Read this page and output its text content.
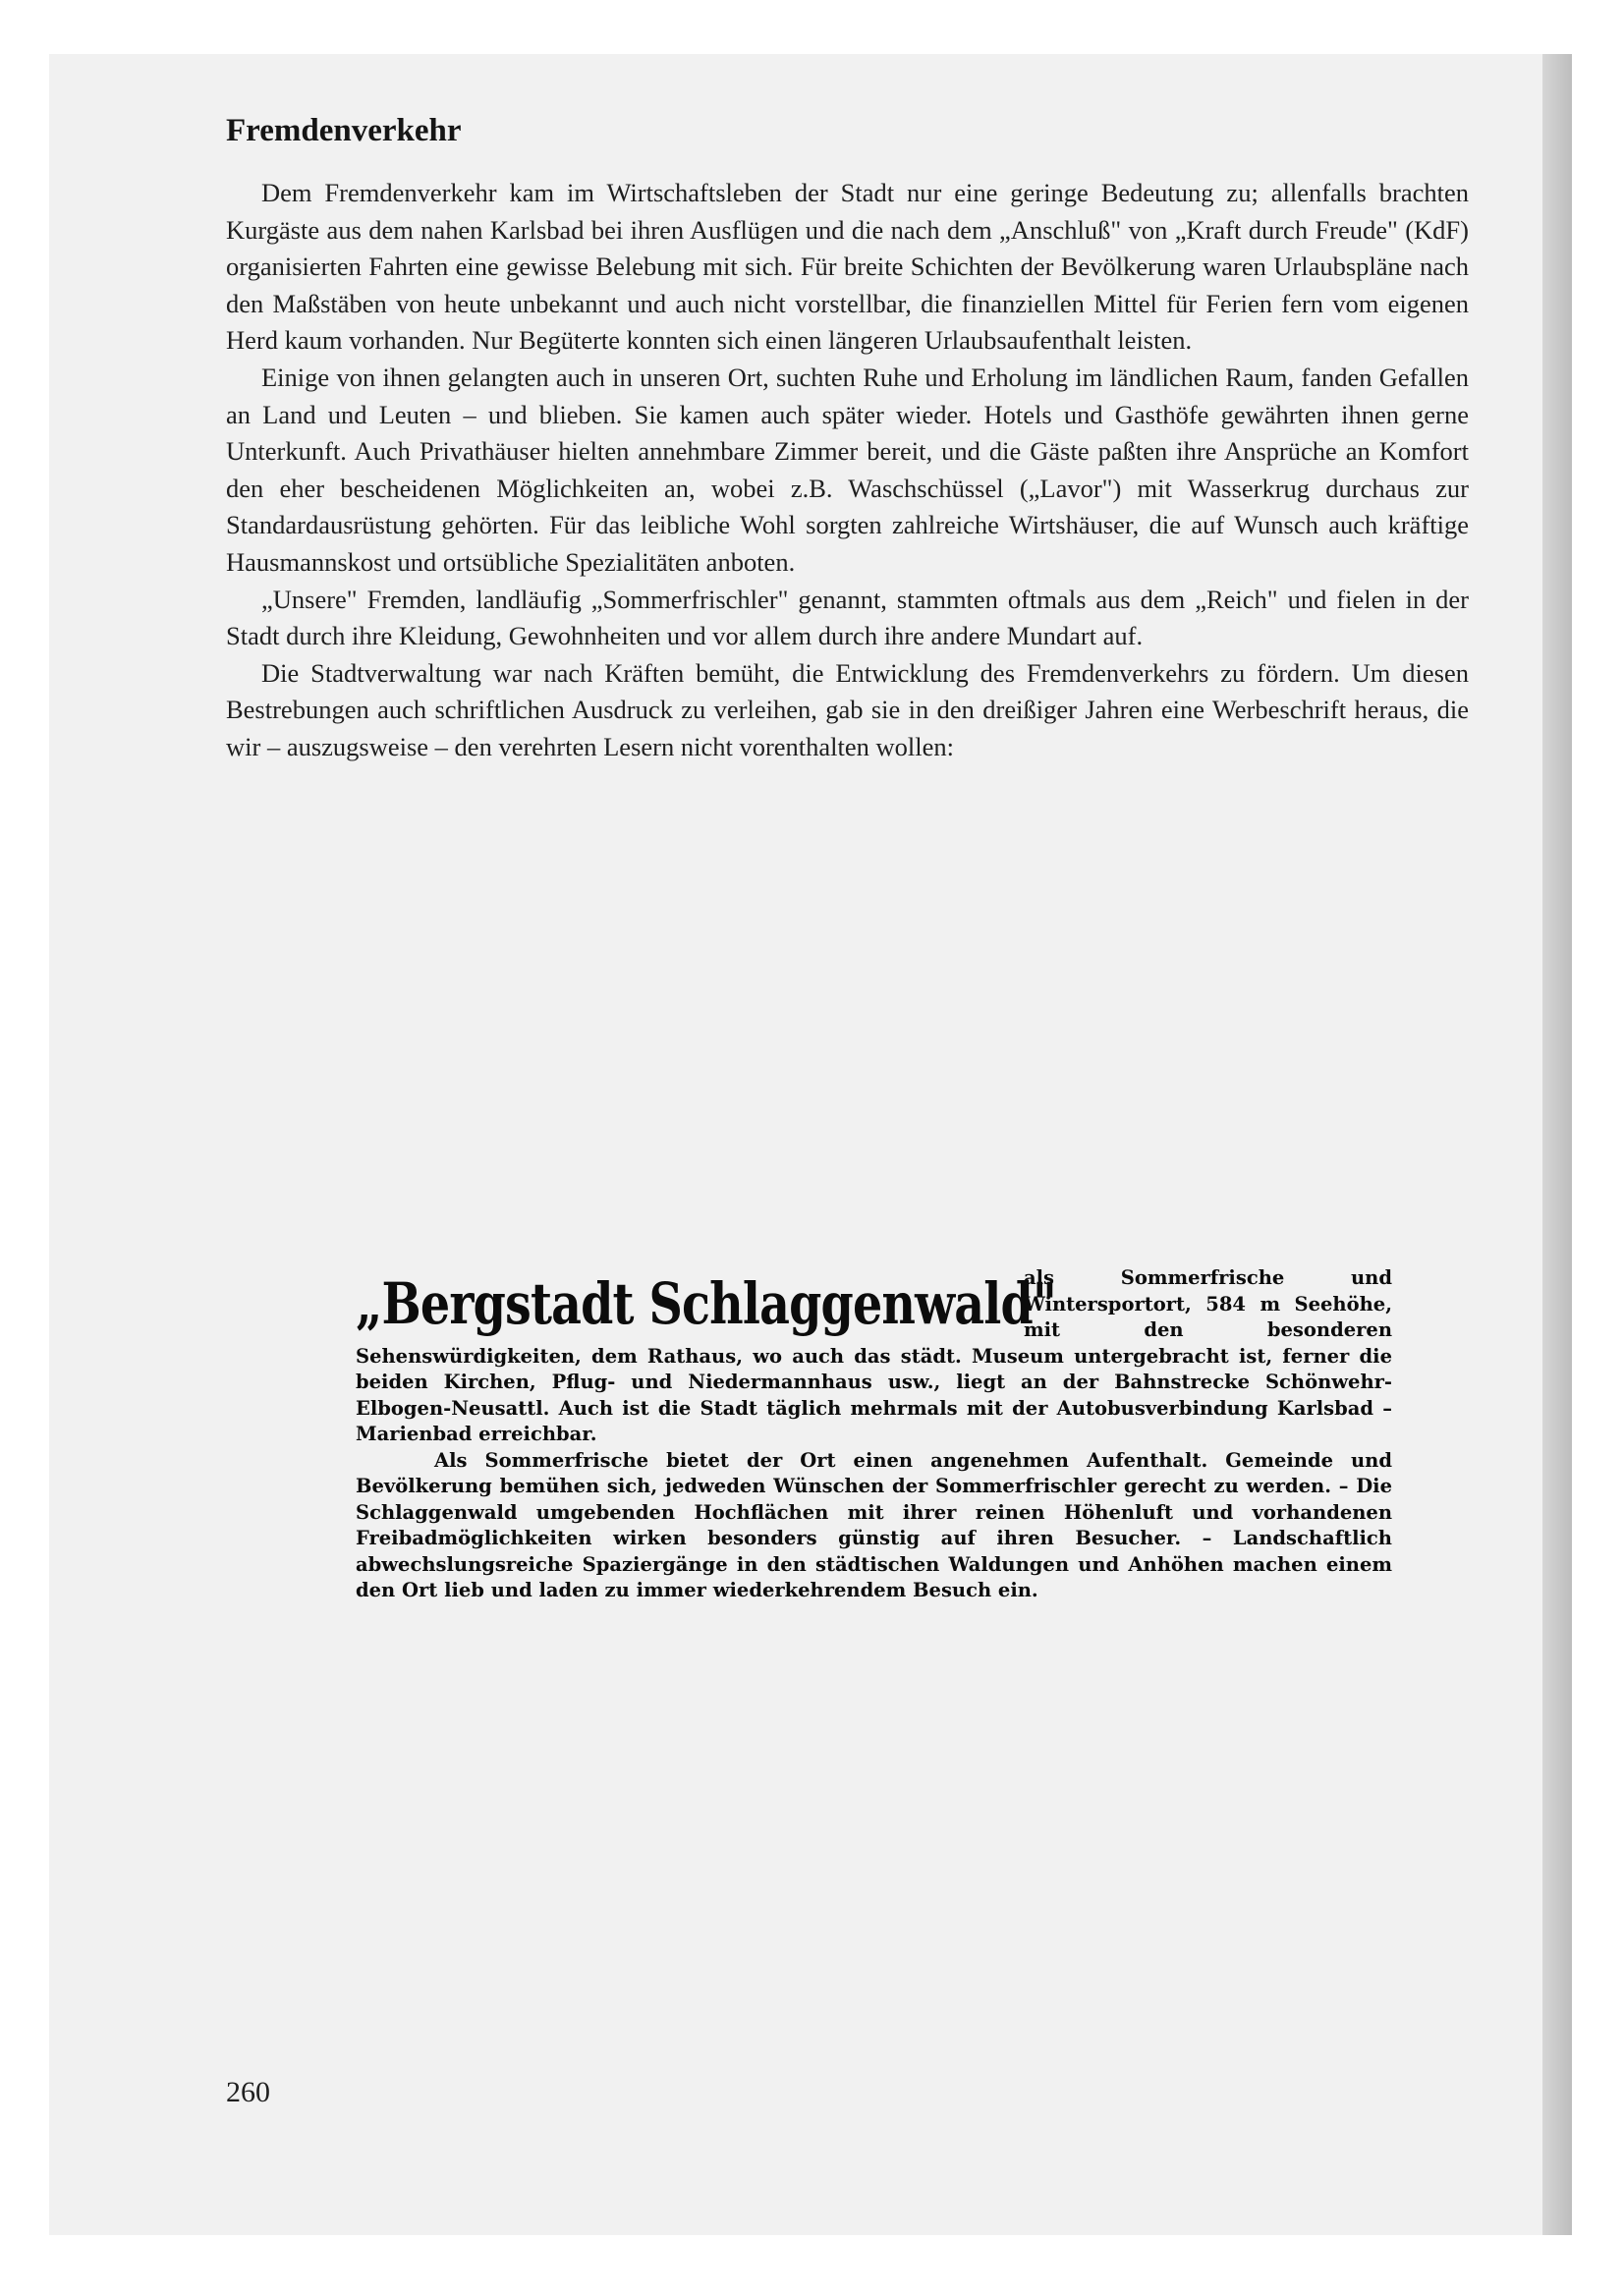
Fremdenverkehr

Dem Fremdenverkehr kam im Wirtschaftsleben der Stadt nur eine geringe Bedeutung zu; allenfalls brachten Kurgäste aus dem nahen Karlsbad bei ihren Ausflügen und die nach dem „Anschluß" von „Kraft durch Freude" (KdF) organisierten Fahrten eine gewisse Belebung mit sich. Für breite Schichten der Bevölkerung waren Urlaubspläne nach den Maßstäben von heute unbekannt und auch nicht vorstellbar, die finanziellen Mittel für Ferien fern vom eigenen Herd kaum vorhanden. Nur Begüterte konnten sich einen längeren Urlaubsaufenthalt leisten.

Einige von ihnen gelangten auch in unseren Ort, suchten Ruhe und Erholung im ländlichen Raum, fanden Gefallen an Land und Leuten – und blieben. Sie kamen auch später wieder. Hotels und Gasthöfe gewährten ihnen gerne Unterkunft. Auch Privathäuser hielten annehmbare Zimmer bereit, und die Gäste paßten ihre Ansprüche an Komfort den eher bescheidenen Möglichkeiten an, wobei z.B. Waschschüssel („Lavor") mit Wasserkrug durchaus zur Standardausrüstung gehörten. Für das leibliche Wohl sorgten zahlreiche Wirtshäuser, die auf Wunsch auch kräftige Hausmannskost und ortsübliche Spezialitäten anboten.

„Unsere" Fremden, landläufig „Sommerfrischler" genannt, stammten oftmals aus dem „Reich" und fielen in der Stadt durch ihre Kleidung, Gewohnheiten und vor allem durch ihre andere Mundart auf.

Die Stadtverwaltung war nach Kräften bemüht, die Entwicklung des Fremdenverkehrs zu fördern. Um diesen Bestrebungen auch schriftlichen Ausdruck zu verleihen, gab sie in den dreißiger Jahren eine Werbeschrift heraus, die wir – auszugsweise – den verehrten Lesern nicht vorenthalten wollen:

„Bergstadt Schlaggenwald"

als Sommerfrische und Wintersportort, 584 m Seehöhe, mit den besonderen Sehenswürdigkeiten, dem Rathaus, wo auch das städt. Museum untergebracht ist, ferner die beiden Kirchen, Pflug- und Niedermannhaus usw., liegt an der Bahnstrecke Schönwehr-Elbogen-Neusattl. Auch ist die Stadt täglich mehrmals mit der Autobusverbindung Karlsbad – Marienbad erreichbar.

Als Sommerfrische bietet der Ort einen angenehmen Aufenthalt. Gemeinde und Bevölkerung bemühen sich, jedweden Wünschen der Sommerfrischler gerecht zu werden. – Die Schlaggenwald umgebenden Hochflächen mit ihrer reinen Höhenluft und vorhandenen Freibadmöglichkeiten wirken besonders günstig auf ihren Besucher. – Landschaftlich abwechslungsreiche Spaziergänge in den städtischen Waldungen und Anhöhen machen einem den Ort lieb und laden zu immer wiederkehrendem Besuch ein.

260
